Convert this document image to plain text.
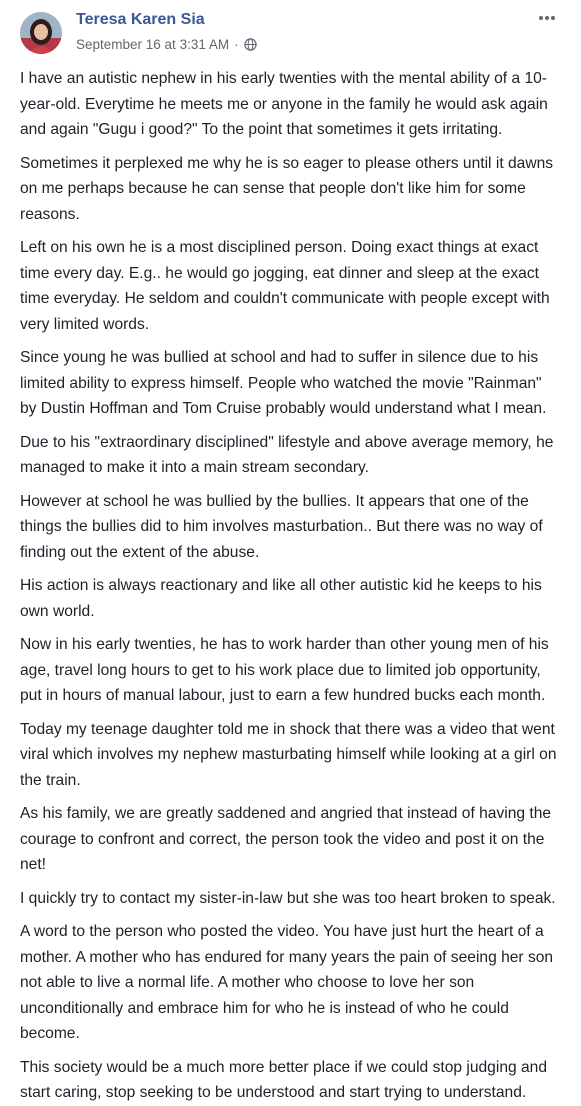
Teresa Karen Sia
September 16 at 3:31 AM ·

I have an autistic nephew in his early twenties with the mental ability of a 10-year-old. Everytime he meets me or anyone in the family he would ask again and again "Gugu i good?" To the point that sometimes it gets irritating.

Sometimes it perplexed me why he is so eager to please others until it dawns on me perhaps because he can sense that people don't like him for some reasons.

Left on his own he is a most disciplined person. Doing exact things at exact time every day. E.g.. he would go jogging, eat dinner and sleep at the exact time everyday. He seldom and couldn't communicate with people except with very limited words.

Since young he was bullied at school and had to suffer in silence due to his limited ability to express himself. People who watched the movie "Rainman" by Dustin Hoffman and Tom Cruise probably would understand what I mean.

Due to his "extraordinary disciplined" lifestyle and above average memory, he managed to make it into a main stream secondary.

However at school he was bullied by the bullies. It appears that one of the things the bullies did to him involves masturbation.. But there was no way of finding out the extent of the abuse.

His action is always reactionary and like all other autistic kid he keeps to his own world.

Now in his early twenties, he has to work harder than other young men of his age, travel long hours to get to his work place due to limited job opportunity, put in hours of manual labour, just to earn a few hundred bucks each month.

Today my teenage daughter told me in shock that there was a video that went viral which involves my nephew masturbating himself while looking at a girl on the train.

As his family, we are greatly saddened and angried that instead of having the courage to confront and correct, the person took the video and post it on the net!

I quickly try to contact my sister-in-law but she was too heart broken to speak.

A word to the person who posted the video. You have just hurt the heart of a mother. A mother who has endured for many years the pain of seeing her son not able to live a normal life. A mother who choose to love her son unconditionally and embrace him for who he is instead of who he could become.

This society would be a much more better place if we could stop judging and start caring, stop seeking to be understood and start trying to understand.
